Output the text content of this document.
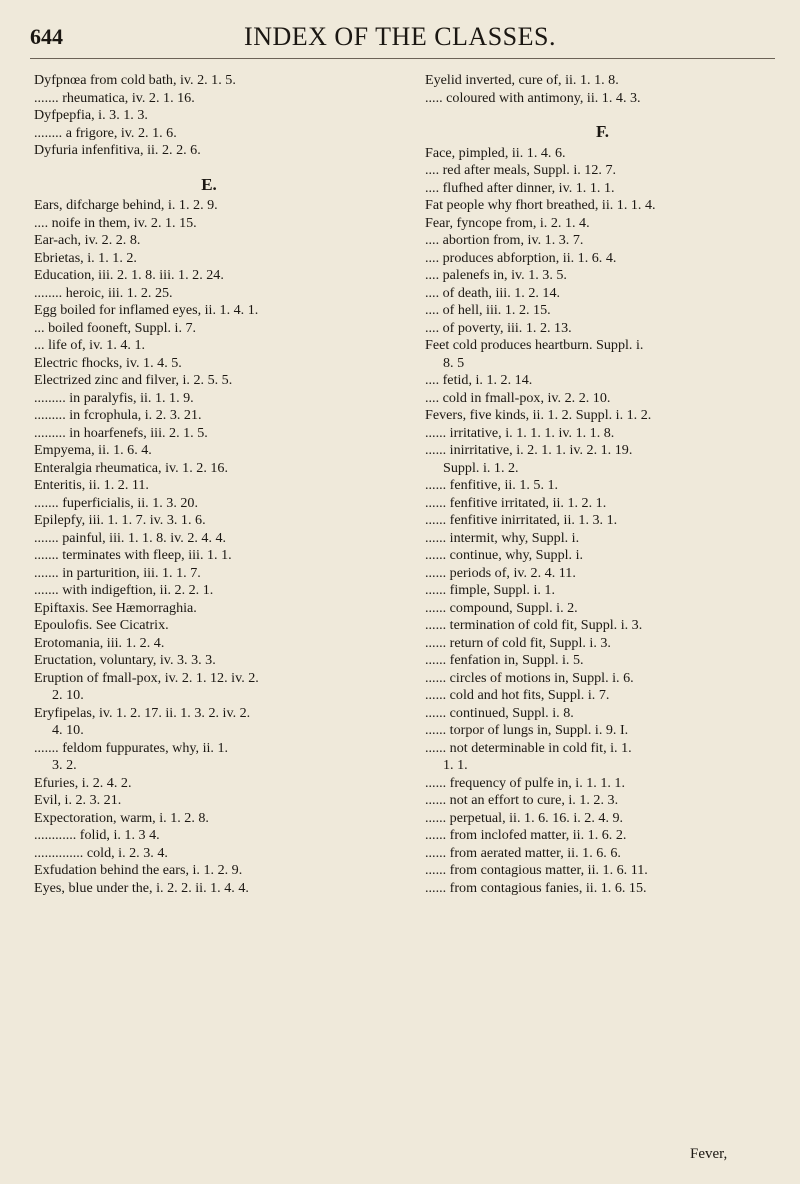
644	INDEX OF THE CLASSES.
Dyfpnœa from cold bath, iv. 2. 1. 5.
....... rheumatica, iv. 2. 1. 16.
Dyfpepfia, i. 3. 1. 3.
........ a frigore, iv. 2. 1. 6.
Dyfuria infenfitiva, ii. 2. 2. 6.
E.
Ears, difcharge behind, i. 1. 2. 9.
.... noife in them, iv. 2. 1. 15.
Ear-ach, iv. 2. 2. 8.
Ebrietas, i. 1. 1. 2.
Education, iii. 2. 1. 8. iii. 1. 2. 24.
........ heroic, iii. 1. 2. 25.
Egg boiled for inflamed eyes, ii. 1. 4. 1.
... boiled fooneft, Suppl. i. 7.
... life of, iv. 1. 4. 1.
Electric fhocks, iv. 1. 4. 5.
Electrized zinc and filver, i. 2. 5. 5.
......... in paralyfis, ii. 1. 1. 9.
......... in fcrophula, i. 2. 3. 21.
......... in hoarfenefs, iii. 2. 1. 5.
Empyema, ii. 1. 6. 4.
Enteralgia rheumatica, iv. 1. 2. 16.
Enteritis, ii. 1. 2. 11.
....... fuperficialis, ii. 1. 3. 20.
Epilepfy, iii. 1. 1. 7. iv. 3. 1. 6.
....... painful, iii. 1. 1. 8. iv. 2. 4. 4.
....... terminates with fleep, iii. 1. 1.
....... in parturition, iii. 1. 1. 7.
....... with indigeftion, ii. 2. 2. 1.
Epiftaxis. See Hæmorraghia.
Epoulofis. See Cicatrix.
Erotomania, iii. 1. 2. 4.
Eructation, voluntary, iv. 3. 3. 3.
Eruption of fmall-pox, iv. 2. 1. 12. iv. 2.
2. 10.
Eryfipelas, iv. 1. 2. 17. ii. 1. 3. 2. iv. 2.
4. 10.
....... feldom fuppurates, why, ii. 1.
3. 2.
Efuries, i. 2. 4. 2.
Evil, i. 2. 3. 21.
Expectoration, warm, i. 1. 2. 8.
............ folid, i. 1. 3 4.
.............. cold, i. 2. 3. 4.
Exfudation behind the ears, i. 1. 2. 9.
Eyes, blue under the, i. 2. 2. ii. 1. 4. 4.
Eyelid inverted, cure of, ii. 1. 1. 8.
..... coloured with antimony, ii. 1. 4. 3.
F.
Face, pimpled, ii. 1. 4. 6.
.... red after meals, Suppl. i. 12. 7.
.... flufhed after dinner, iv. 1. 1. 1.
Fat people why fhort breathed, ii. 1. 1. 4.
Fear, fyncope from, i. 2. 1. 4.
.... abortion from, iv. 1. 3. 7.
.... produces abforption, ii. 1. 6. 4.
.... palenefs in, iv. 1. 3. 5.
.... of death, iii. 1. 2. 14.
.... of hell, iii. 1. 2. 15.
.... of poverty, iii. 1. 2. 13.
Feet cold produces heartburn. Suppl. i.
8. 5
.... fetid, i. 1. 2. 14.
.... cold in fmall-pox, iv. 2. 2. 10.
Fevers, five kinds, ii. 1. 2. Suppl. i. 1. 2.
...... irritative, i. 1. 1. 1. iv. 1. 1. 8.
...... inirritative, i. 2. 1. 1. iv. 2. 1. 19.
Suppl. i. 1. 2.
...... fenfitive, ii. 1. 5. 1.
...... fenfitive irritated, ii. 1. 2. 1.
...... fenfitive inirritated, ii. 1. 3. 1.
...... intermit, why, Suppl. i.
...... continue, why, Suppl. i.
...... periods of, iv. 2. 4. 11.
...... fimple, Suppl. i. 1.
...... compound, Suppl. i. 2.
...... termination of cold fit, Suppl. i. 3.
...... return of cold fit, Suppl. i. 3.
...... fenfation in, Suppl. i. 5.
...... circles of motions in, Suppl. i. 6.
...... cold and hot fits, Suppl. i. 7.
...... continued, Suppl. i. 8.
...... torpor of lungs in, Suppl. i. 9. I.
...... not determinable in cold fit, i. 1.
1. 1.
...... frequency of pulfe in, i. 1. 1. 1.
...... not an effort to cure, i. 1. 2. 3.
...... perpetual, ii. 1. 6. 16. i. 2. 4. 9.
...... from inclofed matter, ii. 1. 6. 2.
...... from aerated matter, ii. 1. 6. 6.
...... from contagious matter, ii. 1. 6. 11.
...... from contagious fanies, ii. 1. 6. 15.
Fever,
